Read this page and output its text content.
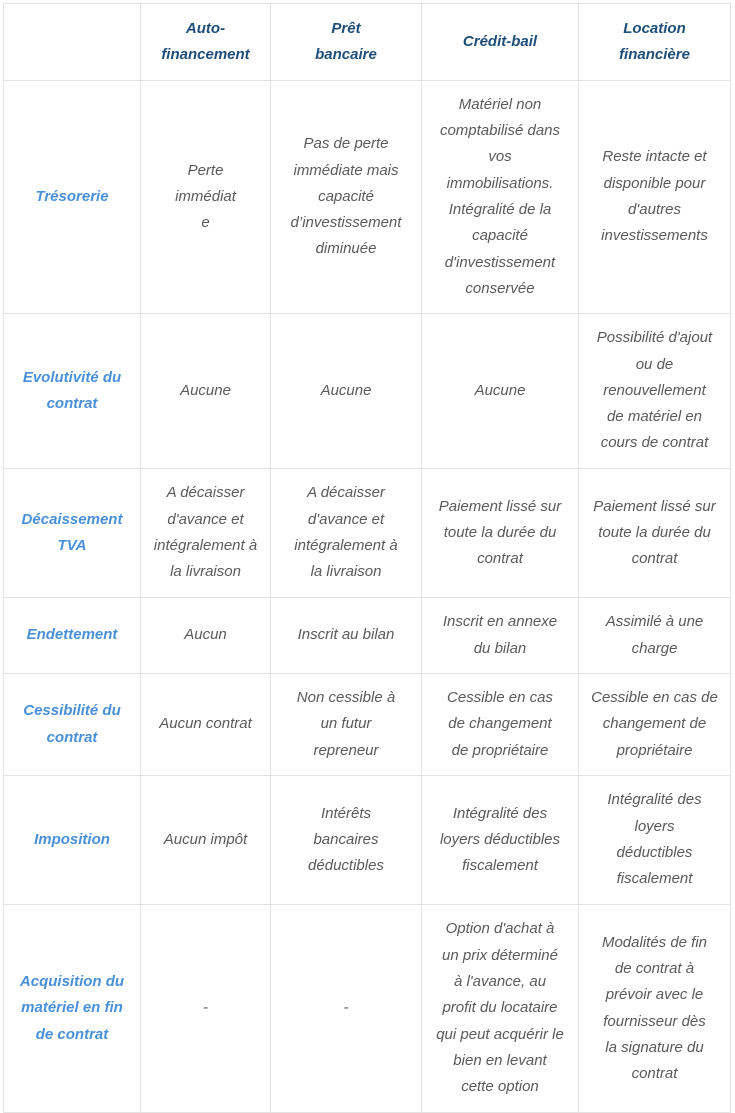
	Auto-financement	Prêt bancaire	Crédit-bail	Location financière
Trésorerie	Perte immédiate	Pas de perte immédiate mais capacité d’investissement diminuée	Matériel non comptabilisé dans vos immobilisations. Intégralité de la capacité d'investissement conservée	Reste intacte et disponible pour d'autres investissements
Evolutivité du contrat	Aucune	Aucune	Aucune	Possibilité d'ajout ou de renouvellement de matériel en cours de contrat
Décaissement TVA	A décaisser d'avance et intégralement à la livraison	A décaisser d'avance et intégralement à la livraison	Paiement lissé sur toute la durée du contrat	Paiement lissé sur toute la durée du contrat
Endettement	Aucun	Inscrit au bilan	Inscrit en annexe du bilan	Assimilé à une charge
Cessibilité du contrat	Aucun contrat	Non cessible à un futur repreneur	Cessible en cas de changement de propriétaire	Cessible en cas de changement de propriétaire
Imposition	Aucun impôt	Intérêts bancaires déductibles	Intégralité des loyers déductibles fiscalement	Intégralité des loyers déductibles fiscalement
Acquisition du matériel en fin de contrat	-	-	Option d'achat à un prix déterminé à l'avance, au profit du locataire qui peut acquérir le bien en levant cette option	Modalités de fin de contrat à prévoir avec le fournisseur dès la signature du contrat
